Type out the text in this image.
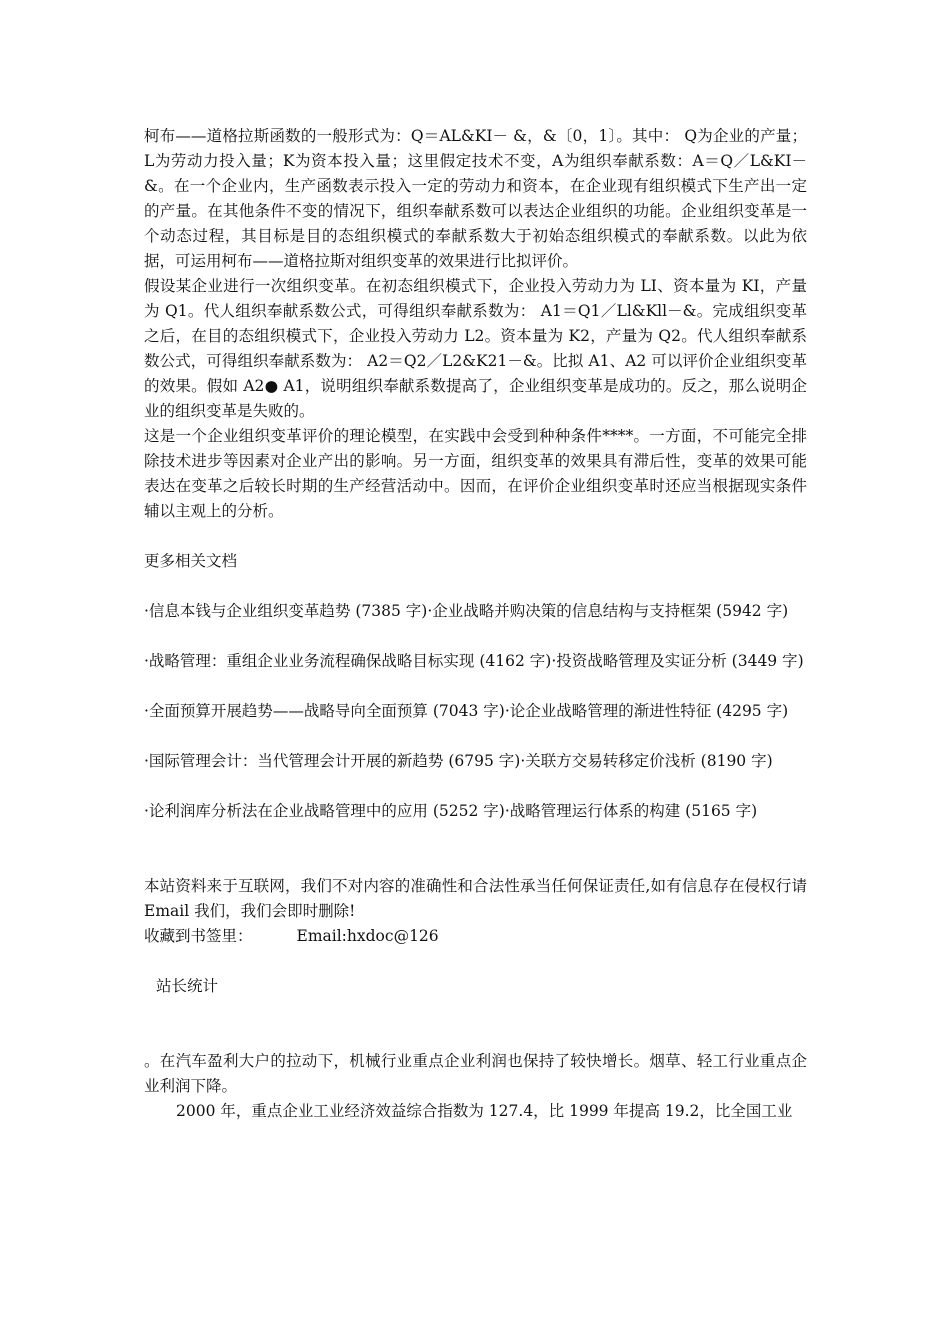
柯布——道格拉斯函数的一般形式为：Q＝AL&KI－ &，&〔0，1〕。其中： Q为企业的产量； L为劳动力投入量；K为资本投入量；这里假定技术不变，A为组织奉献系数：A＝Q／L&KI－&。在一个企业内，生产函数表示投入一定的劳动力和资本，在企业现有组织模式下生产出一定的产量。在其他条件不变的情况下，组织奉献系数可以表达企业组织的功能。企业组织变革是一个动态过程，其目标是目的态组织模式的奉献系数大于初始态组织模式的奉献系数。以此为依据，可运用柯布——道格拉斯对组织变革的效果进行比拟评价。

假设某企业进行一次组织变革。在初态组织模式下，企业投入劳动力为 LI、资本量为 KI，产量为 Q1。代人组织奉献系数公式，可得组织奉献系数为： A1＝Q1／Ll&Kll－&。完成组织变革之后，在目的态组织模式下，企业投入劳动力 L2。资本量为 K2，产量为 Q2。代人组织奉献系数公式，可得组织奉献系数为： A2＝Q2／L2&K21－&。比拟 A1、A2 可以评价企业组织变革的效果。假如 A2● A1，说明组织奉献系数提高了，企业组织变革是成功的。反之，那么说明企业的组织变革是失败的。

这是一个企业组织变革评价的理论模型，在实践中会受到种种条件****。一方面，不可能完全排除技术进步等因素对企业产出的影响。另一方面，组织变革的效果具有滞后性，变革的效果可能表达在变革之后较长时期的生产经营活动中。因而，在评价企业组织变革时还应当根据现实条件辅以主观上的分析。

更多相关文档

·信息本钱与企业组织变革趋势 (7385 字)·企业战略并购决策的信息结构与支持框架 (5942 字)

·战略管理：重组企业业务流程确保战略目标实现 (4162 字)·投资战略管理及实证分析 (3449 字)

·全面预算开展趋势——战略导向全面预算 (7043 字)·论企业战略管理的渐进性特征 (4295 字)

·国际管理会计：当代管理会计开展的新趋势 (6795 字)·关联方交易转移定价浅析 (8190 字)

·论利润库分析法在企业战略管理中的应用 (5252 字)·战略管理运行体系的构建 (5165 字)

本站资料来于互联网，我们不对内容的准确性和合法性承当任何保证责任,如有信息存在侵权行请 Email 我们，我们会即时删除!

收藏到书签里：	Email:hxdoc@126

站长统计

。在汽车盈利大户的拉动下，机械行业重点企业利润也保持了较快增长。烟草、轻工行业重点企业利润下降。

2000 年，重点企业工业经济效益综合指数为 127.4，比 1999 年提高 19.2，比全国工业
